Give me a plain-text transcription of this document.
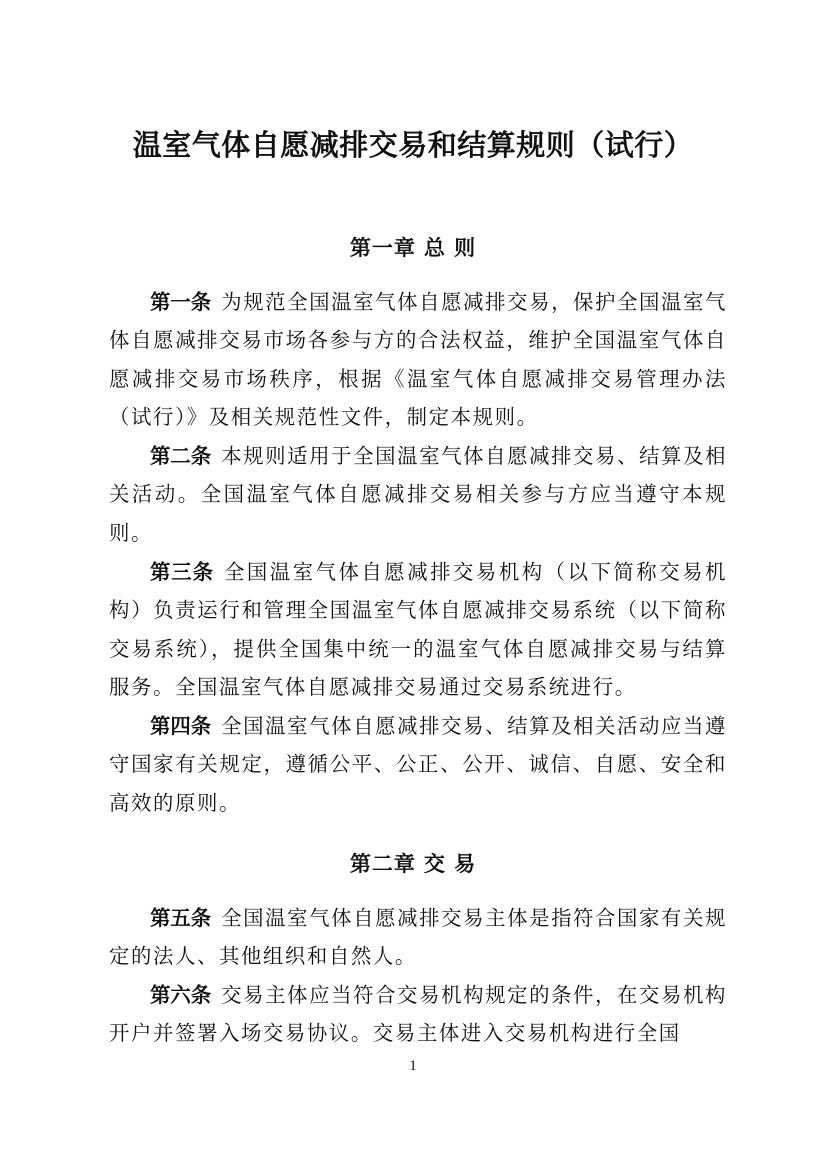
温室气体自愿减排交易和结算规则（试行）
第一章 总 则

第一条 为规范全国温室气体自愿减排交易，保护全国温室气体自愿减排交易市场各参与方的合法权益，维护全国温室气体自愿减排交易市场秩序，根据《温室气体自愿减排交易管理办法（试行）》及相关规范性文件，制定本规则。

第二条 本规则适用于全国温室气体自愿减排交易、结算及相关活动。全国温室气体自愿减排交易相关参与方应当遵守本规则。

第三条 全国温室气体自愿减排交易机构（以下简称交易机构）负责运行和管理全国温室气体自愿减排交易系统（以下简称交易系统），提供全国集中统一的温室气体自愿减排交易与结算服务。全国温室气体自愿减排交易通过交易系统进行。

第四条 全国温室气体自愿减排交易、结算及相关活动应当遵守国家有关规定，遵循公平、公正、公开、诚信、自愿、安全和高效的原则。

第二章 交 易

第五条 全国温室气体自愿减排交易主体是指符合国家有关规定的法人、其他组织和自然人。

第六条 交易主体应当符合交易机构规定的条件，在交易机构开户并签署入场交易协议。交易主体进入交易机构进行全国

1
